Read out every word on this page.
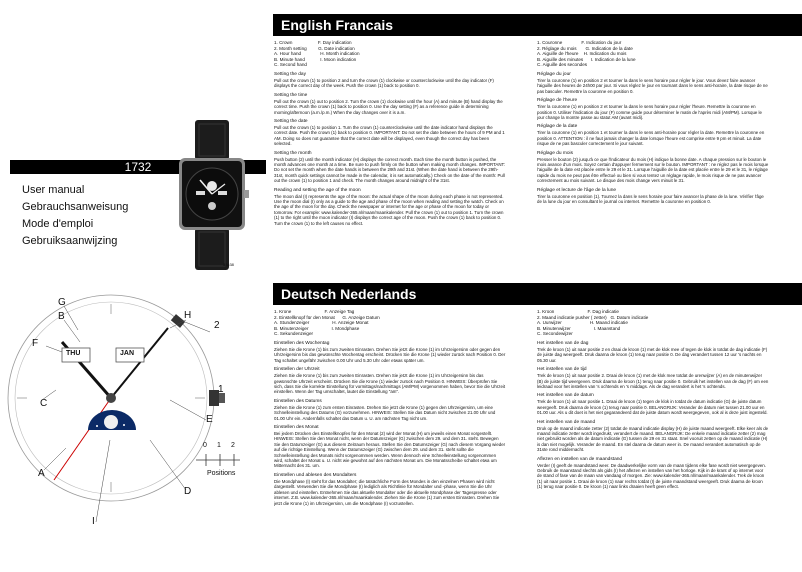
1732
User manual
Gebrauchsanweisung
Mode d'emploi
Gebruiksaanwijzing
38x38
G
B	H
A
C
F
E
D
I
1
2
THU	JAN
0 1 2
Positions
English Francais
1. Crown                    F. Day indication
2. Month setting         G. Date indication
A. Hour hand               H. Month indication
B. Minute hand            I. Moon indication
C. Second hand
Setting the day
Pull out the crown (1) to position 2 and turn the crown (1) clockwise or counterclockwise until the day indicator (F) displays the correct day of the week. Push the crown (1) back to position 0.
Setting the time
Pull out the crown (1) out to position 2. Turn the crown (1) clockwise until the hour (A) and minute (B) hand display the correct time. Push the crown (1) back to position 0. Use the day setting (F) as a reference guide in determining morning/afternoon (a.m./p.m.) When the day changes over it is a.m.
Setting the date
Pull out the crown (1) to position 1. Turn the crown (1) counterclockwise until the date indicator hand displays the correct date. Push the crown (1) back to position 0. IMPORTANT: Do not set the date between the hours of 9 PM and 1 AM. Doing so does not guarantee that the correct date will be displayed, even though the correct day has been selected.
Setting the month
Push button (2) until the month indicator (H) displays the correct month. Each time the month button is pushed, the month advances one month at a time. Be sure to push firmly on the button when making month changes. IMPORTANT: Do not set the month when the date hands is between the 29th and 31st. (When the date hand is between the 29th-31st, month quick settings cannot be made in the calendar, it is set automatically.) Check on the date of the month: Pull out the crown (1) to position 1 and check. The month changes around midnight of the 31st.
Reading and setting the age of the moon
The moon dial (I) represents the age of the moon: the actual shape of the moon during each phase is not represented. Use the moon dial (I) only as a guide to the age and phase of the moon when reading and setting the watch. Check on the age of the moon for the day. Check the newspaper or internet for the age or phase of the moon for today or tomorrow. For example: www.kalender-365.nl/maan/maankalender. Pull the crown (1) out to position 1. Turn the crown (1) to the right until the moon indicator (I) displays the correct age of the moon. Push the crown (1) back to position 0. Turn the crown (1) to the left causes no effect.
1. Couronne               F. Indication du jour
2. Réglage du mois       G. Indication de la date
A. Aiguille de l'heure    H. Indication du mois
B. Aiguille des minutes      I. Indication de la lune
C. Aiguille des secondes
Réglage du jour
Tirer la couronne (1) en position 2 et tourner la dans le sens horaire pour régler le jour. Vous devez faire avancer l'aiguille des heures de 24h00 par jour. Si vous réglez le jour en tournant dans le sens anti-horaire, la date risque de ne pas basculer. Remettre la couronne en position 0.
Réglage de l'heure
Tirer la couronne (1) en position 2 et tourner la dans le sens horaire pour régler l'heure. Remettre la couronne en position 0. Utiliser l'indication du jour (F) comme guide pour déterminer le matin de l'après midi (AM/PM). Lorsque le jour change la montre passe au statut AM (avant midi).
Réglage de la date
Tirer la couronne (1) en position 1 et tourner la dans le sens anti-horaire pour régler la date. Remettre la couronne en position 0. ATTENTION : il ne faut jamais changer la date lorsque l'heure est comprise entre 9 pm et minuit. La date risque de ne pas basculer correctement le jour suivant.
Réglage du mois
Presser le bouton (2) jusqu'à ce que l'indicateur du mois (H) indique la bonne date. A chaque pression sur le bouton le mois avance d'un mois. Soyez certain d'appuyer fermement sur le bouton. IMPORTANT : ne réglez pas le mois lorsque l'aiguille de la date est placée entre le 29 et le 31. Lorsque l'aiguille de la date est placée entre le 29 et le 31, le réglage rapide du mois ne peut pas être effectué ou bien si vous tentez un réglage rapide, le mois risque de ne pas avancer correctement au mois suivant. Le disque des mois change vers minuit le 31.
Réglage et lecture de l'âge de la lune
Tirer la couronne en position (1). Tournez la dans le sens horaire pour faire avancer la phase de la lune. Vérifier l'âge de la lune du jour en consultant le journal ou internet. Remettre la couronne en position 0.
Deutsch Nederlands
1. Krone                          F. Anzeige Tag
2. Einstellknopf für den Monat      G. Anzeige Datum
A. Stundenzeiger                  H. Anzeige Monat
B. Minutenzeiger                  I. Mondphase
C. Sekundenzeiger
Einstellen des Wochentag
Ziehen Sie die Krone (1) bis zum zweiten Einrasten. Drehen Sie jetzt die Krone (1) im Uhrzeigersinn oder gegen den Uhrzeigersinn bis das gewünschte Wochentag erscheint. Drücken Sie die Krone (1) wieder zurück nach Position 0. Der Tag schaltet ungefähr zwischen 0.00 Uhr und 5.30 Uhr oder etwas später um.
Einstellen der Uhrzeit
Ziehen Sie die Krone (1) bis zum zweiten Einrasten. Drehen Sie jetzt die Krone (1) im Uhrzeigersinn bis das gewünschte Uhrzeit erscheint. Drücken Sie die Krone (1) wieder zurück nach Position 0. HINWEIS: Überprüfen Sie sich, dass Sie die korrekte Einstellung für vormittags/nachmittags (AM/PM) vorgenommen haben, bevor Sie die Uhrzeit einstellen. Wenn der Tag umschaltet, lautet die Einstellung "am".
Einstellen des Datums
Ziehen Sie die Krone (1) zum ersten Einrasten. Drehen Sie jetzt die Krone (1) gegen den Uhrzeigersinn, um eine Schnelleinstellung des Datums (G) vorzunehmen. HINWEIS: Stellen Sie das Datum nicht zwischen 21.00 Uhr und 01.00 Uhr ein. Andernfalls schaltet das Datum u. U. am nächsten Tag nicht um.
Einstellen des Monat
Bei jedem Drücken des Einstellknopfes für den Monat (2) wird der Monat (H) um jeweils einen Monat vorgestellt. HINWEIS: Stellen Sie den Monat nicht, wenn der Datumszeiger (G) zwischen dem 29. und dem 31. steht. Bewegen Sie den Datumzeiger (G) aus diesem Zeitraum heraus. Stellen Sie den Datumszeiger (G) nach diesem Vorgang wieder auf die richtige Einstellung. Wenn der Datumszeiger (G) zwischen dem 29. und dem 31. steht sollte die Schnelleinstellung des Monats nicht vorgenommen werden. Wenn dennoch eine Schnelleinstellung vorgenommen wird, schaltet der Monat u. U. nicht wie gewohnt auf den nächsten Monat um. Die Monatsscheibe schaltet etwa um Mitternacht des 31. um.
Einstellen und ablesen des Mondalters
Die Mondphase (I) steht für das Mondalter; die tatsächliche Form des Mondes in den einzelnen Phasen wird nicht dargestellt. Verwenden Sie die Mondphase (I) lediglich als Richtlinie für Mondalter und -phase, wenn Sie die Uhr ablesen und einstellen. Entnehmen Sie das aktuelle Mondalter oder die aktuelle Mondphase der Tagespresse oder internet. Z.B. www.kalender-365.nl/maan/maankalender. Ziehen Sie die Krone (1) zum ersten Einrasten. Drehen Sie jetzt die Krone (1) im Uhrzeigersinn, um die Mondphase (I) vorzustellen.
1. Kroon                          F. Dag indicatie
2. Maand indicatie pusher ( zetter)   G. Datum indicatie
A. Uurwijzer                      H. Maand indicatie
B. Minutenwijzer                  I. Maanstand
C. Secondewijzer
Het instellen van de dag
Trek de kroon (1) uit naar positie 2 en draai de kroon (1) met de klok mee of tegen de klok in totdat de dag indicatie (F) de juiste dag weergeeft. Druk daarna de kroon (1) terug naar positie 0. De dag verandert tussen 12 uur 's nachts en 05.30 uur.
Het instellen van de tijd
Trek de kroon (1) uit naar positie 2. Draai de kroon (1) met de klok mee totdat de urenwijzer (A) en de minutenwijzer (B) de juiste tijd weergeven. Druk daarna de kroon (1) terug naar positie 0. Gebruik het instellen van de dag (F) om een leidraad voor het instellen van 's ochtends en 's middags. Als de dag verandert is het 's ochtends.
Het instellen van de datum
Trek de kroon (1) uit naar positie 1. Draai de kroon (1) tegen de klok in totdat de datum indicatie (G) de juiste datum weergeeft. Druk daarna de kroon (1) terug naar positie 0. BELANGRIJK: Verander de datum niet tussen 21.00 uur en 01.00 uur. Als u dit doet is het niet gegarandeerd dat de juiste datum wordt weergegeven, ook al is deze juist ingesteld.
Het instellen van de maand
Druk op de maand indicatie zetter (2) totdat de maand indicatie display (H) de juiste maand weergeeft. Elke keer als de maand indicatie zetter wordt ingedrukt, verandert de maand. BELANGRIJK: De enkele maand indicatie zetter (2) mag niet gebruikt worden als de datum indicatie (G) tussen de 29 en 31 staat. Snel vooruit zetten op de maand indicatie (H) is dan niet mogelijk. Verander de maand. En stel daarna de datum weer in. De maand verandert automatisch op de 31ste rond middernacht.
Aflezen en instellen van de maandstand
Verder (I) geeft de maandstand weer. De daadwerkelijke vorm van de maan tijdens elke fase wordt niet weergegeven. Gebruik de maanstand slechts als gids (I) het aflezen en instellen van het horloge. Kijk in de krant of op internet voor de stand of fase van de maan van vandaag of morgen. Zie: www.kalender-365.nl/maan/maankalender. Trek de kroon (1) uit naar positie 1. Draai de kroon (1) naar rechts totdat (I) de juiste maandstand weergeeft. Druk daarna de kroon (1) terug naar positie 0. De kroon (1) naar links draaien heeft geen effect.
